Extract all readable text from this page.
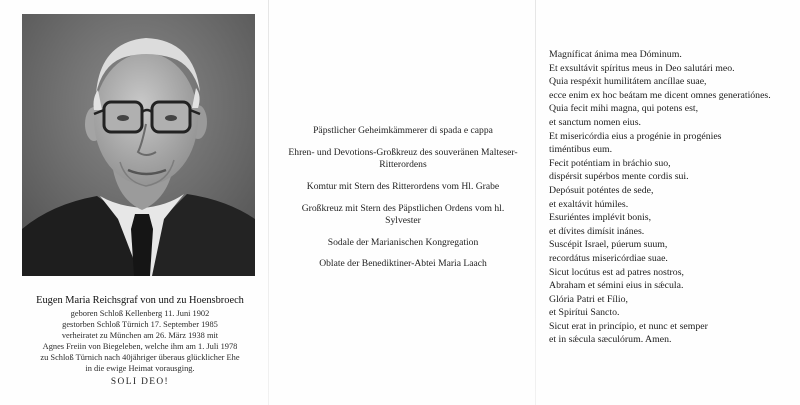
Eugen Maria Reichsgraf von und zu Hoensbroech
geboren Schloß Kellenberg 11. Juni 1902
gestorben Schloß Türnich 17. September 1985
verheiratet zu München am 26. März 1938 mit
Agnes Freiin von Biegeleben, welche ihm am 1. Juli 1978
zu Schloß Türnich nach 40jähriger überaus glücklicher Ehe
in die ewige Heimat vorausging.
SOLI DEO!
Päpstlicher Geheimkämmerer di spada e cappa
Ehren- und Devotions-Großkreuz des souveränen Malteser-Ritterordens
Komtur mit Stern des Ritterordens vom Hl. Grabe
Großkreuz mit Stern des Päpstlichen Ordens vom hl. Sylvester
Sodale der Marianischen Kongregation
Oblate der Benediktiner-Abtei Maria Laach
Magníficat ánima mea Dóminum.
Et exsultávit spíritus meus in Deo salutári meo.
Quia respéxit humilitátem ancíllae suae,
ecce enim ex hoc beátam me dicent omnes generatiónes.
Quia fecit mihi magna, qui potens est,
et sanctum nomen eius.
Et misericórdia eius a progénie in progénies
timéntibus eum.
Fecit poténtiam in bráchio suo,
dispérsit supérbos mente cordis sui.
Depósuit poténtes de sede,
et exaltávit húmiles.
Esuriéntes implévit bonis,
et dívites dimísit inánes.
Suscépit Israel, púerum suum,
recordátus misericórdiae suae.
Sicut locútus est ad patres nostros,
Abraham et sémini eius in sǽcula.
Glória Patri et Fílio,
et Spirítui Sancto.
Sicut erat in princípio, et nunc et semper
et in sǽcula sæculórum. Amen.
